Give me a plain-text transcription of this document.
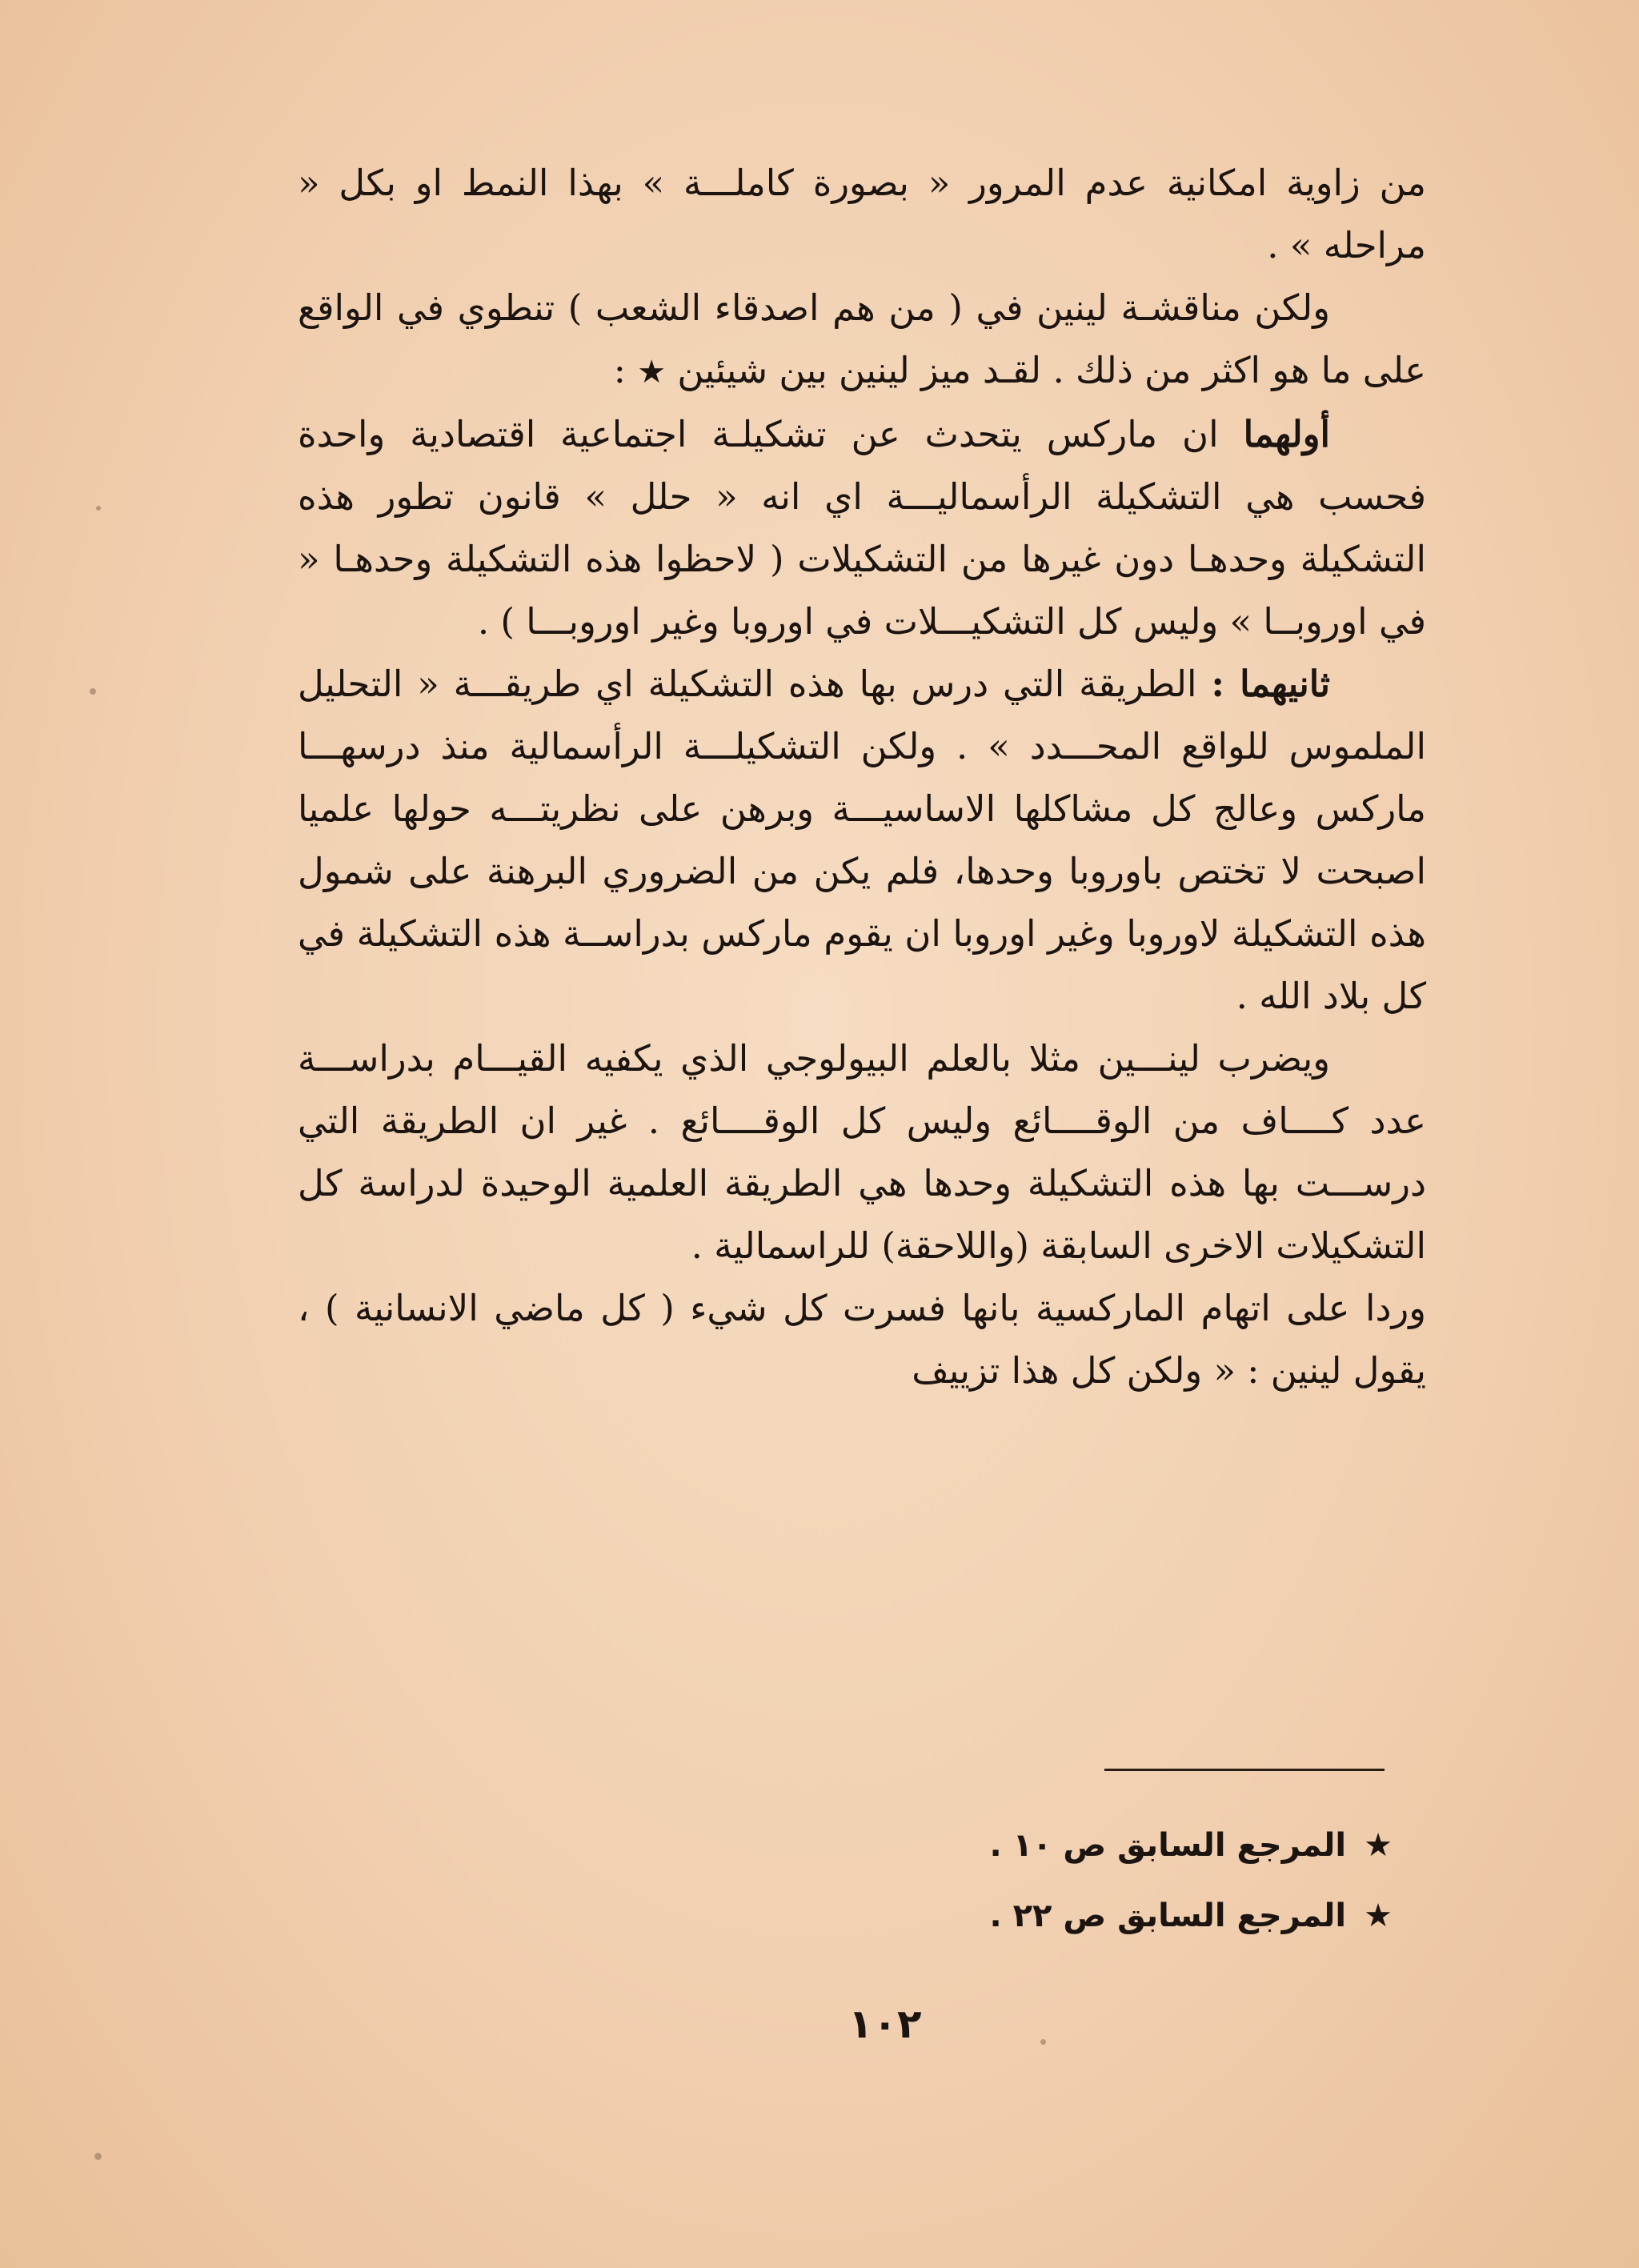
من زاوية امكانية عدم المرور « بصورة كاملـــة » بهذا النمط او بكل « مراحله » .

ولكن مناقشـة لينين في ( من هم اصدقاء الشعب ) تنطوي في الواقع على ما هو اكثر من ذلك . لقـد ميز لينين بين شيئين ★ :

أولهما ان ماركس يتحدث عن تشكيلـة اجتماعية اقتصادية واحدة فحسب هي التشكيلة الرأسماليـــة اي انه « حلل » قانون تطور هذه التشكيلة وحدهـا دون غيرها من التشكيلات ( لاحظوا هذه التشكيلة وحدهـا « في اوروبــا » وليس كل التشكيـــلات في اوروبا وغير اوروبـــا ) .

ثانيهما : الطريقة التي درس بها هذه التشكيلة اي طريقـــة « التحليل الملموس للواقع المحـــدد » . ولكن التشكيلـــة الرأسمالية منذ درسهـــا ماركس وعالج كل مشاكلها الاساسيـــة وبرهن على نظريتـــه حولها علميا اصبحت لا تختص باوروبا وحدها، فلم يكن من الضروري البرهنة على شمول هذه التشكيلة لاوروبا وغير اوروبا ان يقوم ماركس بدراســة هذه التشكيلة في كل بلاد الله .

ويضرب لينـــين مثلا بالعلم البيولوجي الذي يكفيه القيـــام بدراســـة عدد كــــاف من الوقــــائع وليس كل الوقــــائع . غير ان الطريقة التي درســـت بها هذه التشكيلة وحدها هي الطريقة العلمية الوحيدة لدراسة كل التشكيلات الاخرى السابقة (واللاحقة) للراسمالية .

وردا على اتهام الماركسية بانها فسرت كل شيء ( كل ماضي الانسانية ) ، يقول لينين : « ولكن كل هذا تزييف

★المرجع السابق ص ١٠ .

★المرجع السابق ص ٢٢ .

١٠٢
